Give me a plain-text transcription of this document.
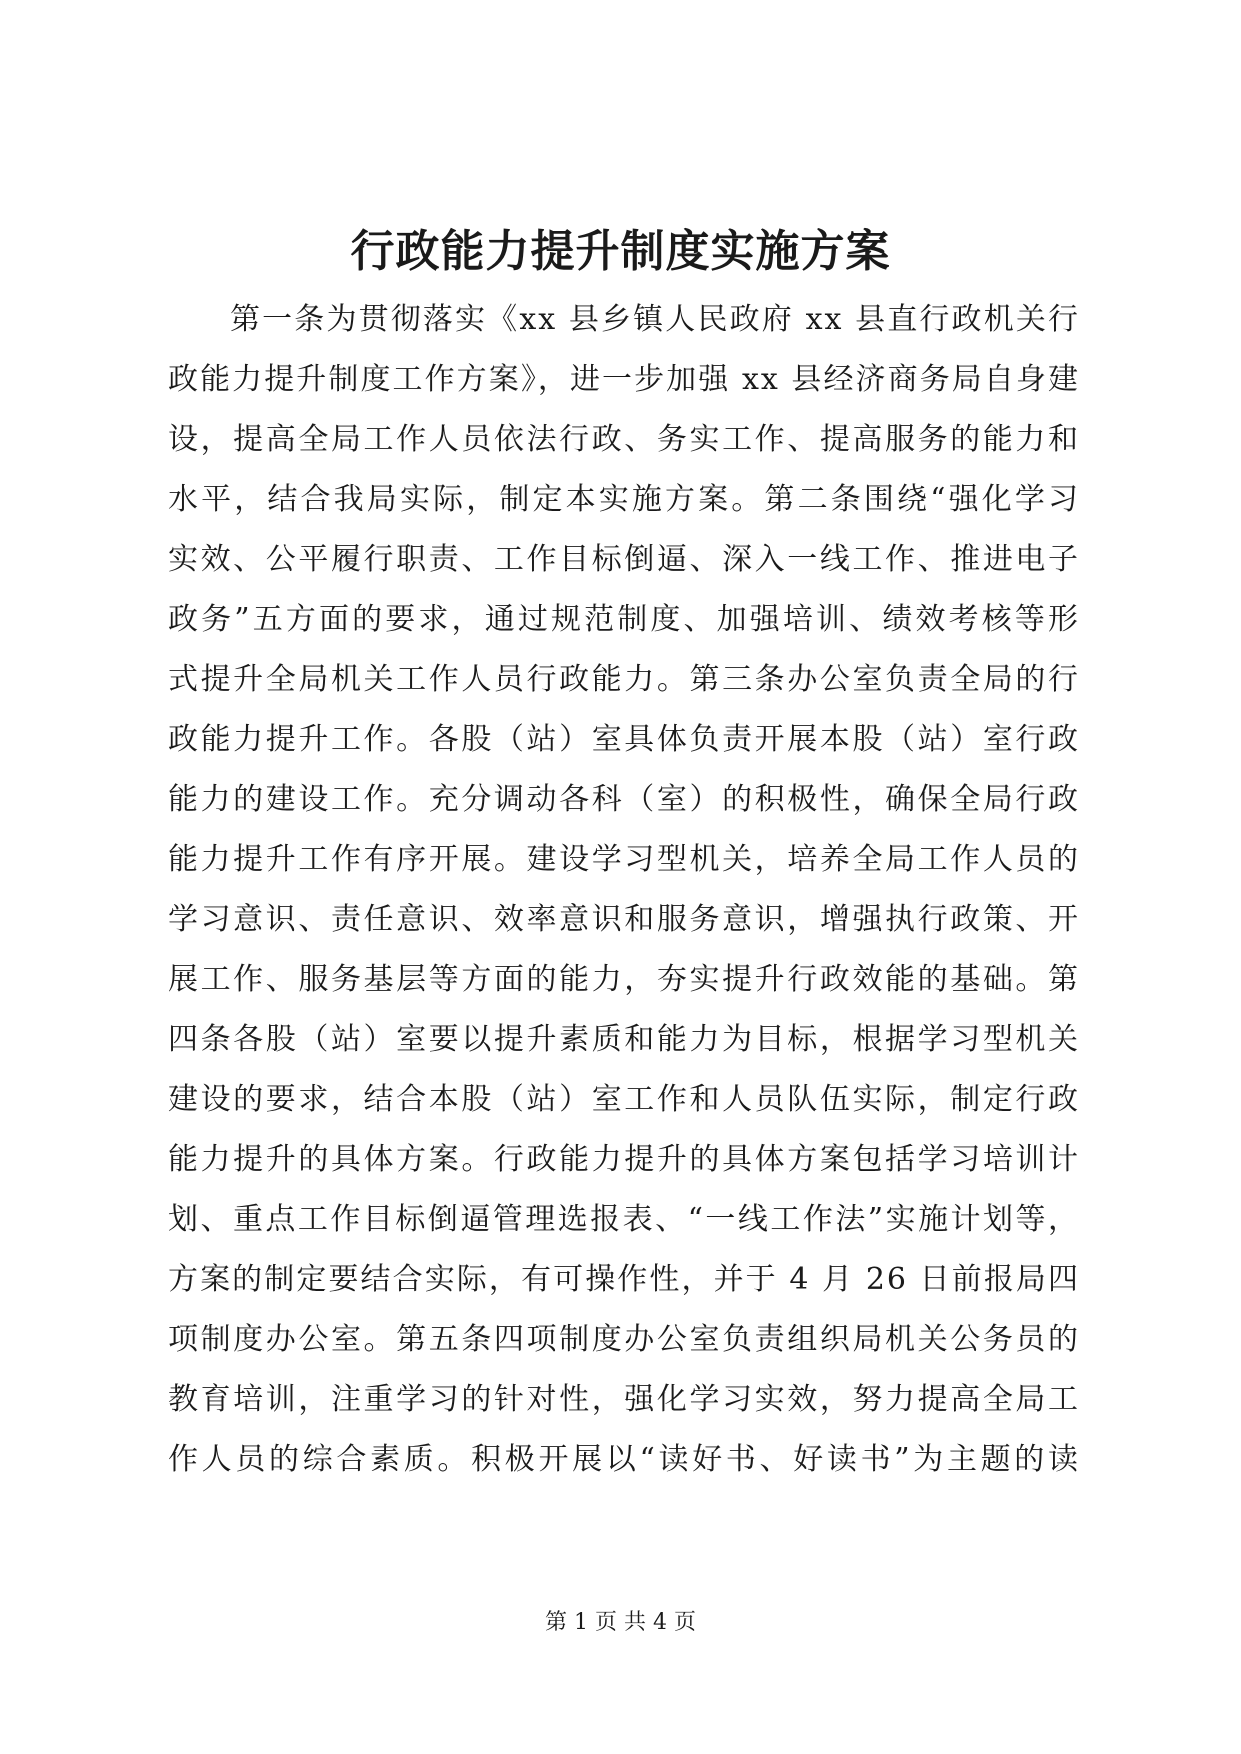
行政能力提升制度实施方案
第一条为贯彻落实《xx 县乡镇人民政府 xx 县直行政机关行
政能力提升制度工作方案》，进一步加强 xx 县经济商务局自身建
设，提高全局工作人员依法行政、务实工作、提高服务的能力和
水平，结合我局实际，制定本实施方案。第二条围绕“强化学习
实效、公平履行职责、工作目标倒逼、深入一线工作、推进电子
政务”五方面的要求，通过规范制度、加强培训、绩效考核等形
式提升全局机关工作人员行政能力。第三条办公室负责全局的行
政能力提升工作。各股（站）室具体负责开展本股（站）室行政
能力的建设工作。充分调动各科（室）的积极性，确保全局行政
能力提升工作有序开展。建设学习型机关，培养全局工作人员的
学习意识、责任意识、效率意识和服务意识，增强执行政策、开
展工作、服务基层等方面的能力，夯实提升行政效能的基础。第
四条各股（站）室要以提升素质和能力为目标，根据学习型机关
建设的要求，结合本股（站）室工作和人员队伍实际，制定行政
能力提升的具体方案。行政能力提升的具体方案包括学习培训计
划、重点工作目标倒逼管理选报表、“一线工作法”实施计划等，
方案的制定要结合实际，有可操作性，并于 4 月 26 日前报局四
项制度办公室。第五条四项制度办公室负责组织局机关公务员的
教育培训，注重学习的针对性，强化学习实效，努力提高全局工
作人员的综合素质。积极开展以“读好书、好读书”为主题的读

第 1 页 共 4 页
